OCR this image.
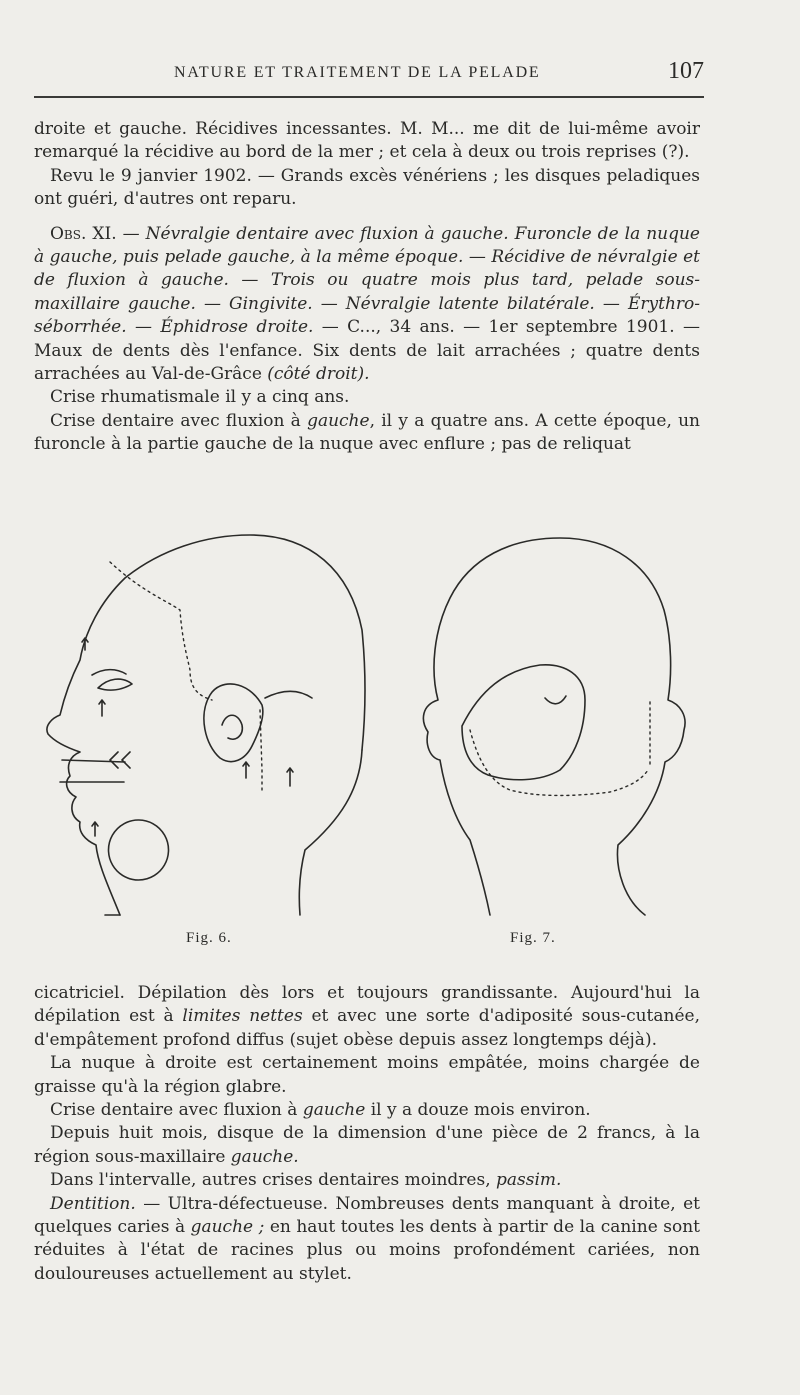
NATURE ET TRAITEMENT DE LA PELADE	107

droite et gauche. Récidives incessantes. M. M... me dit de lui-même avoir remarqué la récidive au bord de la mer ; et cela à deux ou trois reprises (?).

Revu le 9 janvier 1902. — Grands excès vénériens ; les disques peladiques ont guéri, d'autres ont reparu.

Obs. XI. — Névralgie dentaire avec fluxion à gauche. Furoncle de la nuque à gauche, puis pelade gauche, à la même époque. — Récidive de névralgie et de fluxion à gauche. — Trois ou quatre mois plus tard, pelade sous-maxillaire gauche. — Gingivite. — Névralgie latente bilatérale. — Érythro-séborrhée. — Éphidrose droite. — C..., 34 ans. — 1er septembre 1901. — Maux de dents dès l'enfance. Six dents de lait arrachées ; quatre dents arrachées au Val-de-Grâce (côté droit).

Crise rhumatismale il y a cinq ans.

Crise dentaire avec fluxion à gauche, il y a quatre ans. A cette époque, un furoncle à la partie gauche de la nuque avec enflure ; pas de reliquat

Fig. 6.	Fig. 7.

cicatriciel. Dépilation dès lors et toujours grandissante. Aujourd'hui la dépilation est à limites nettes et avec une sorte d'adiposité sous-cutanée, d'empâtement profond diffus (sujet obèse depuis assez longtemps déjà).

La nuque à droite est certainement moins empâtée, moins chargée de graisse qu'à la région glabre.

Crise dentaire avec fluxion à gauche il y a douze mois environ.

Depuis huit mois, disque de la dimension d'une pièce de 2 francs, à la région sous-maxillaire gauche.

Dans l'intervalle, autres crises dentaires moindres, passim.

Dentition. — Ultra-défectueuse. Nombreuses dents manquant à droite, et quelques caries à gauche ; en haut toutes les dents à partir de la canine sont réduites à l'état de racines plus ou moins profondément cariées, non douloureuses actuellement au stylet.
